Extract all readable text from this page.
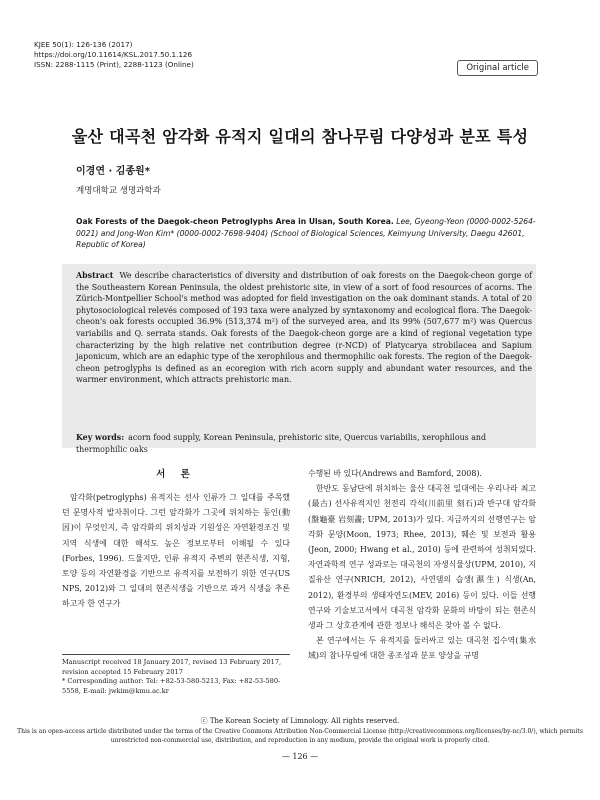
KJEE 50(1): 126-136 (2017)
https://doi.org/10.11614/KSL.2017.50.1.126
ISSN: 2288-1115 (Print), 2288-1123 (Online)	Original article
울산 대곡천 암각화 유적지 일대의 참나무림 다양성과 분포 특성
이경연 · 김종원*
계명대학교 생명과학과
Oak Forests of the Daegok-cheon Petroglyphs Area in Ulsan, South Korea. Lee, Gyeong-Yeon (0000-0002-5264-0021) and Jong-Won Kim* (0000-0002-7698-9404) (School of Biological Sciences, Keimyung University, Daegu 42601, Republic of Korea)
Abstract We describe characteristics of diversity and distribution of oak forests on the Daegok-cheon gorge of the Southeastern Korean Peninsula, the oldest prehistoric site, in view of a sort of food resources of acorns. The Zürich-Montpellier School's method was adopted for field investigation on the oak dominant stands. A total of 20 phytosociological relevés composed of 193 taxa were analyzed by syntaxonomy and ecological flora. The Daegok-cheon's oak forests occupied 36.9% (513,374 m²) of the surveyed area, and its 99% (507,677 m²) was Quercus variabilis and Q. serrata stands. Oak forests of the Daegok-cheon gorge are a kind of regional vegetation type characterizing by the high relative net contribution degree (r-NCD) of Platycarya strobilacea and Sapium japonicum, which are an edaphic type of the xerophilous and thermophilic oak forests. The region of the Daegok-cheon petroglyphs is defined as an ecoregion with rich acorn supply and abundant water resources, and the warmer environment, which attracts prehistoric man.
Key words: acorn food supply, Korean Peninsula, prehistoric site, Quercus variabilis, xerophilous and thermophilic oaks
서 론
암각화(petroglyphs) 유적지는 선사 인류가 그 일대를 주목했던 문명사적 발자취이다. 그런 암각화가 그곳에 위치하는 동인(動因)이 무엇인지, 즉 암각화의 위치성과 기원성은 자연환경조건 및 지역 식생에 대한 해석도 높은 정보로부터 이해될 수 있다(Forbes, 1996). 드물지만, 인류 유적지 주변의 현존식생, 지형, 토양 등의 자연환경을 기반으로 유적지를 보전하기 위한 연구(US NPS, 2012)와 그 일대의 현존식생을 기반으로 과거 식생을 추론하고자 한 연구가
수행된 바 있다(Andrews and Bamford, 2008).
한반도 동남단에 위치하는 울산 대곡천 일대에는 우리나라 최고(最古) 선사유적지인 천전리 각석(川前里 刻石)과 반구대 암각화(盤龜臺 岩刻畵; UPM, 2013)가 있다. 지금까지의 선행연구는 암각화 문양(Moon, 1973; Rhee, 2013), 훼손 및 보전과 활용(Jeon, 2000; Hwang et al., 2010) 등에 관련하여 성취되었다. 자연과학적 연구 성과로는 대곡천의 자생식물상(UPM, 2010), 지질유산 연구(NRICH, 2012), 사연댐의 습생(濕生) 식생(An, 2012), 환경부의 생태자연도(MEV, 2016) 등이 있다. 이들 선행 연구와 기술보고서에서 대곡천 암각화 문화의 바탕이 되는 현존식생과 그 상호관계에 관한 정보나 해석은 찾아 볼 수 없다.
본 연구에서는 두 유적지를 둘러싸고 있는 대곡천 집수역(集水域)의 참나무림에 대한 종조성과 분포 양상을 규명
Manuscript received 18 January 2017, revised 13 February 2017, revision accepted 15 February 2017
* Corresponding author: Tel: +82-53-580-5213, Fax: +82-53-580-5558, E-mail: jwkim@kmu.ac.kr
ⓒ The Korean Society of Limnology. All rights reserved.
This is an open-access article distributed under the terms of the Creative Commons Attribution Non-Commercial License (http://creativecommons.org/licenses/by-nc/3.0/), which permits unrestricted non-commercial use, distribution, and reproduction in any medium, provide the original work is properly cited.
— 126 —
